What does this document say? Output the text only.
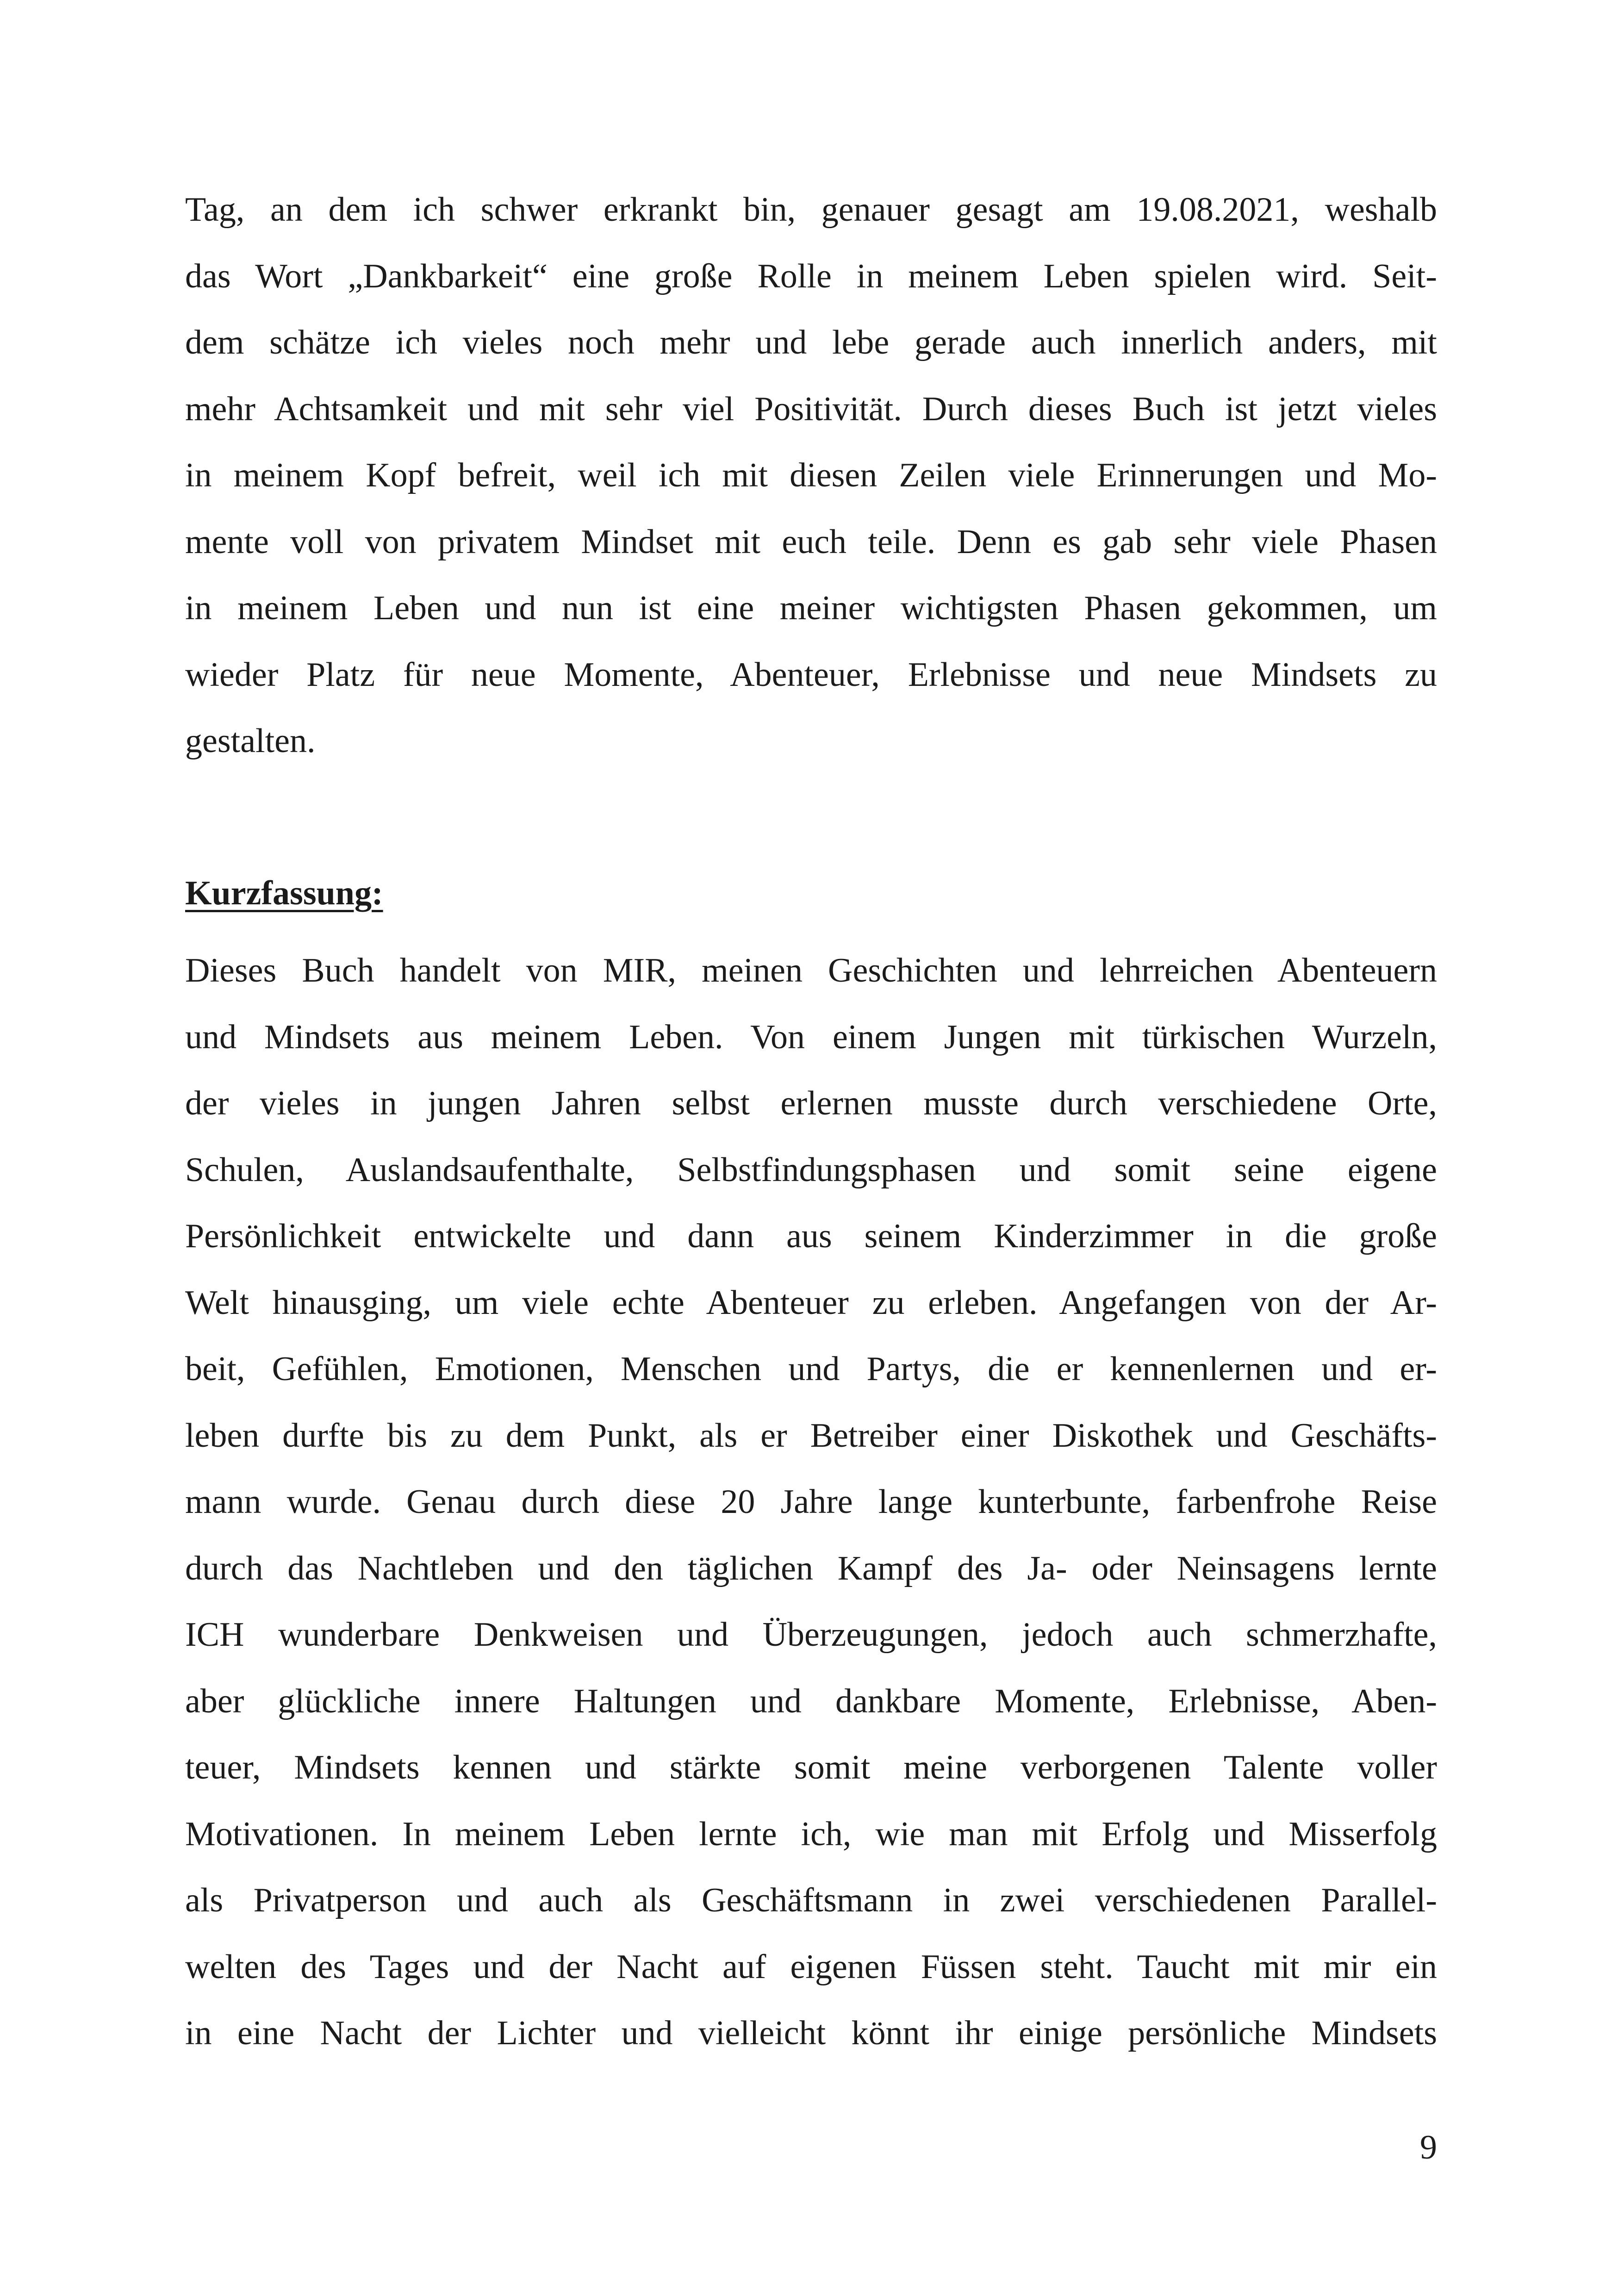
Tag, an dem ich schwer erkrankt bin, genauer gesagt am 19.08.2021, weshalb
das Wort „Dankbarkeit“ eine große Rolle in meinem Leben spielen wird. Seit-
dem schätze ich vieles noch mehr und lebe gerade auch innerlich anders, mit
mehr Achtsamkeit und mit sehr viel Positivität. Durch dieses Buch ist jetzt vieles
in meinem Kopf befreit, weil ich mit diesen Zeilen viele Erinnerungen und Mo-
mente voll von privatem Mindset mit euch teile. Denn es gab sehr viele Phasen
in meinem Leben und nun ist eine meiner wichtigsten Phasen gekommen, um
wieder Platz für neue Momente, Abenteuer, Erlebnisse und neue Mindsets zu
gestalten.
Kurzfassung:
Dieses Buch handelt von MIR, meinen Geschichten und lehrreichen Abenteuern
und Mindsets aus meinem Leben. Von einem Jungen mit türkischen Wurzeln,
der vieles in jungen Jahren selbst erlernen musste durch verschiedene Orte,
Schulen, Auslandsaufenthalte, Selbstfindungsphasen und somit seine eigene
Persönlichkeit entwickelte und dann aus seinem Kinderzimmer in die große
Welt hinausging, um viele echte Abenteuer zu erleben. Angefangen von der Ar-
beit, Gefühlen, Emotionen, Menschen und Partys, die er kennenlernen und er-
leben durfte bis zu dem Punkt, als er Betreiber einer Diskothek und Geschäfts-
mann wurde. Genau durch diese 20 Jahre lange kunterbunte, farbenfrohe Reise
durch das Nachtleben und den täglichen Kampf des Ja- oder Neinsagens lernte
ICH wunderbare Denkweisen und Überzeugungen, jedoch auch schmerzhafte,
aber glückliche innere Haltungen und dankbare Momente, Erlebnisse, Aben-
teuer, Mindsets kennen und stärkte somit meine verborgenen Talente voller
Motivationen. In meinem Leben lernte ich, wie man mit Erfolg und Misserfolg
als Privatperson und auch als Geschäftsmann in zwei verschiedenen Parallel-
welten des Tages und der Nacht auf eigenen Füssen steht. Taucht mit mir ein
in eine Nacht der Lichter und vielleicht könnt ihr einige persönliche Mindsets
9
